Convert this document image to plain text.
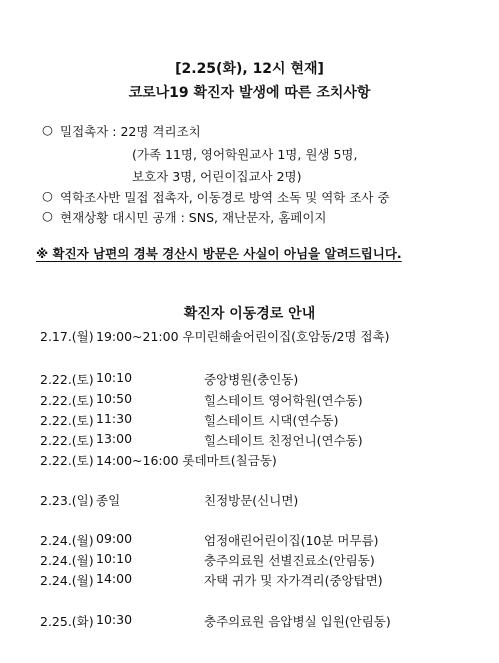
[2.25(화), 12시 현재]
코로나19 확진자 발생에 따른 조치사항
○ 밀접촉자 : 22명 격리조치
(가족 11명, 영어학원교사 1명, 원생 5명,
보호자 3명, 어린이집교사 2명)
○ 역학조사반 밀접 접촉자, 이동경로 방역 소독 및 역학 조사 중
○ 현재상황 대시민 공개 : SNS, 재난문자, 홈페이지
※ 확진자 남편의 경북 경산시 방문은 사실이 아님을 알려드립니다.
확진자 이동경로 안내
2.17.(월) 19:00~21:00 우미린해솔어린이집(호암동/2명 접촉)
2.22.(토) 10:10	중앙병원(충인동)
2.22.(토) 10:50	힐스테이트 영어학원(연수동)
2.22.(토) 11:30	힐스테이트 시댁(연수동)
2.22.(토) 13:00	힐스테이트 친정언니(연수동)
2.22.(토) 14:00~16:00 롯데마트(칠금동)
2.23.(일) 종일	친정방문(신니면)
2.24.(월) 09:00	엄정애린어린이집(10분 머무름)
2.24.(월) 10:10	충주의료원 선별진료소(안림동)
2.24.(월) 14:00	자택 귀가 및 자가격리(중앙탑면)
2.25.(화) 10:30	충주의료원 음압병실 입원(안림동)
